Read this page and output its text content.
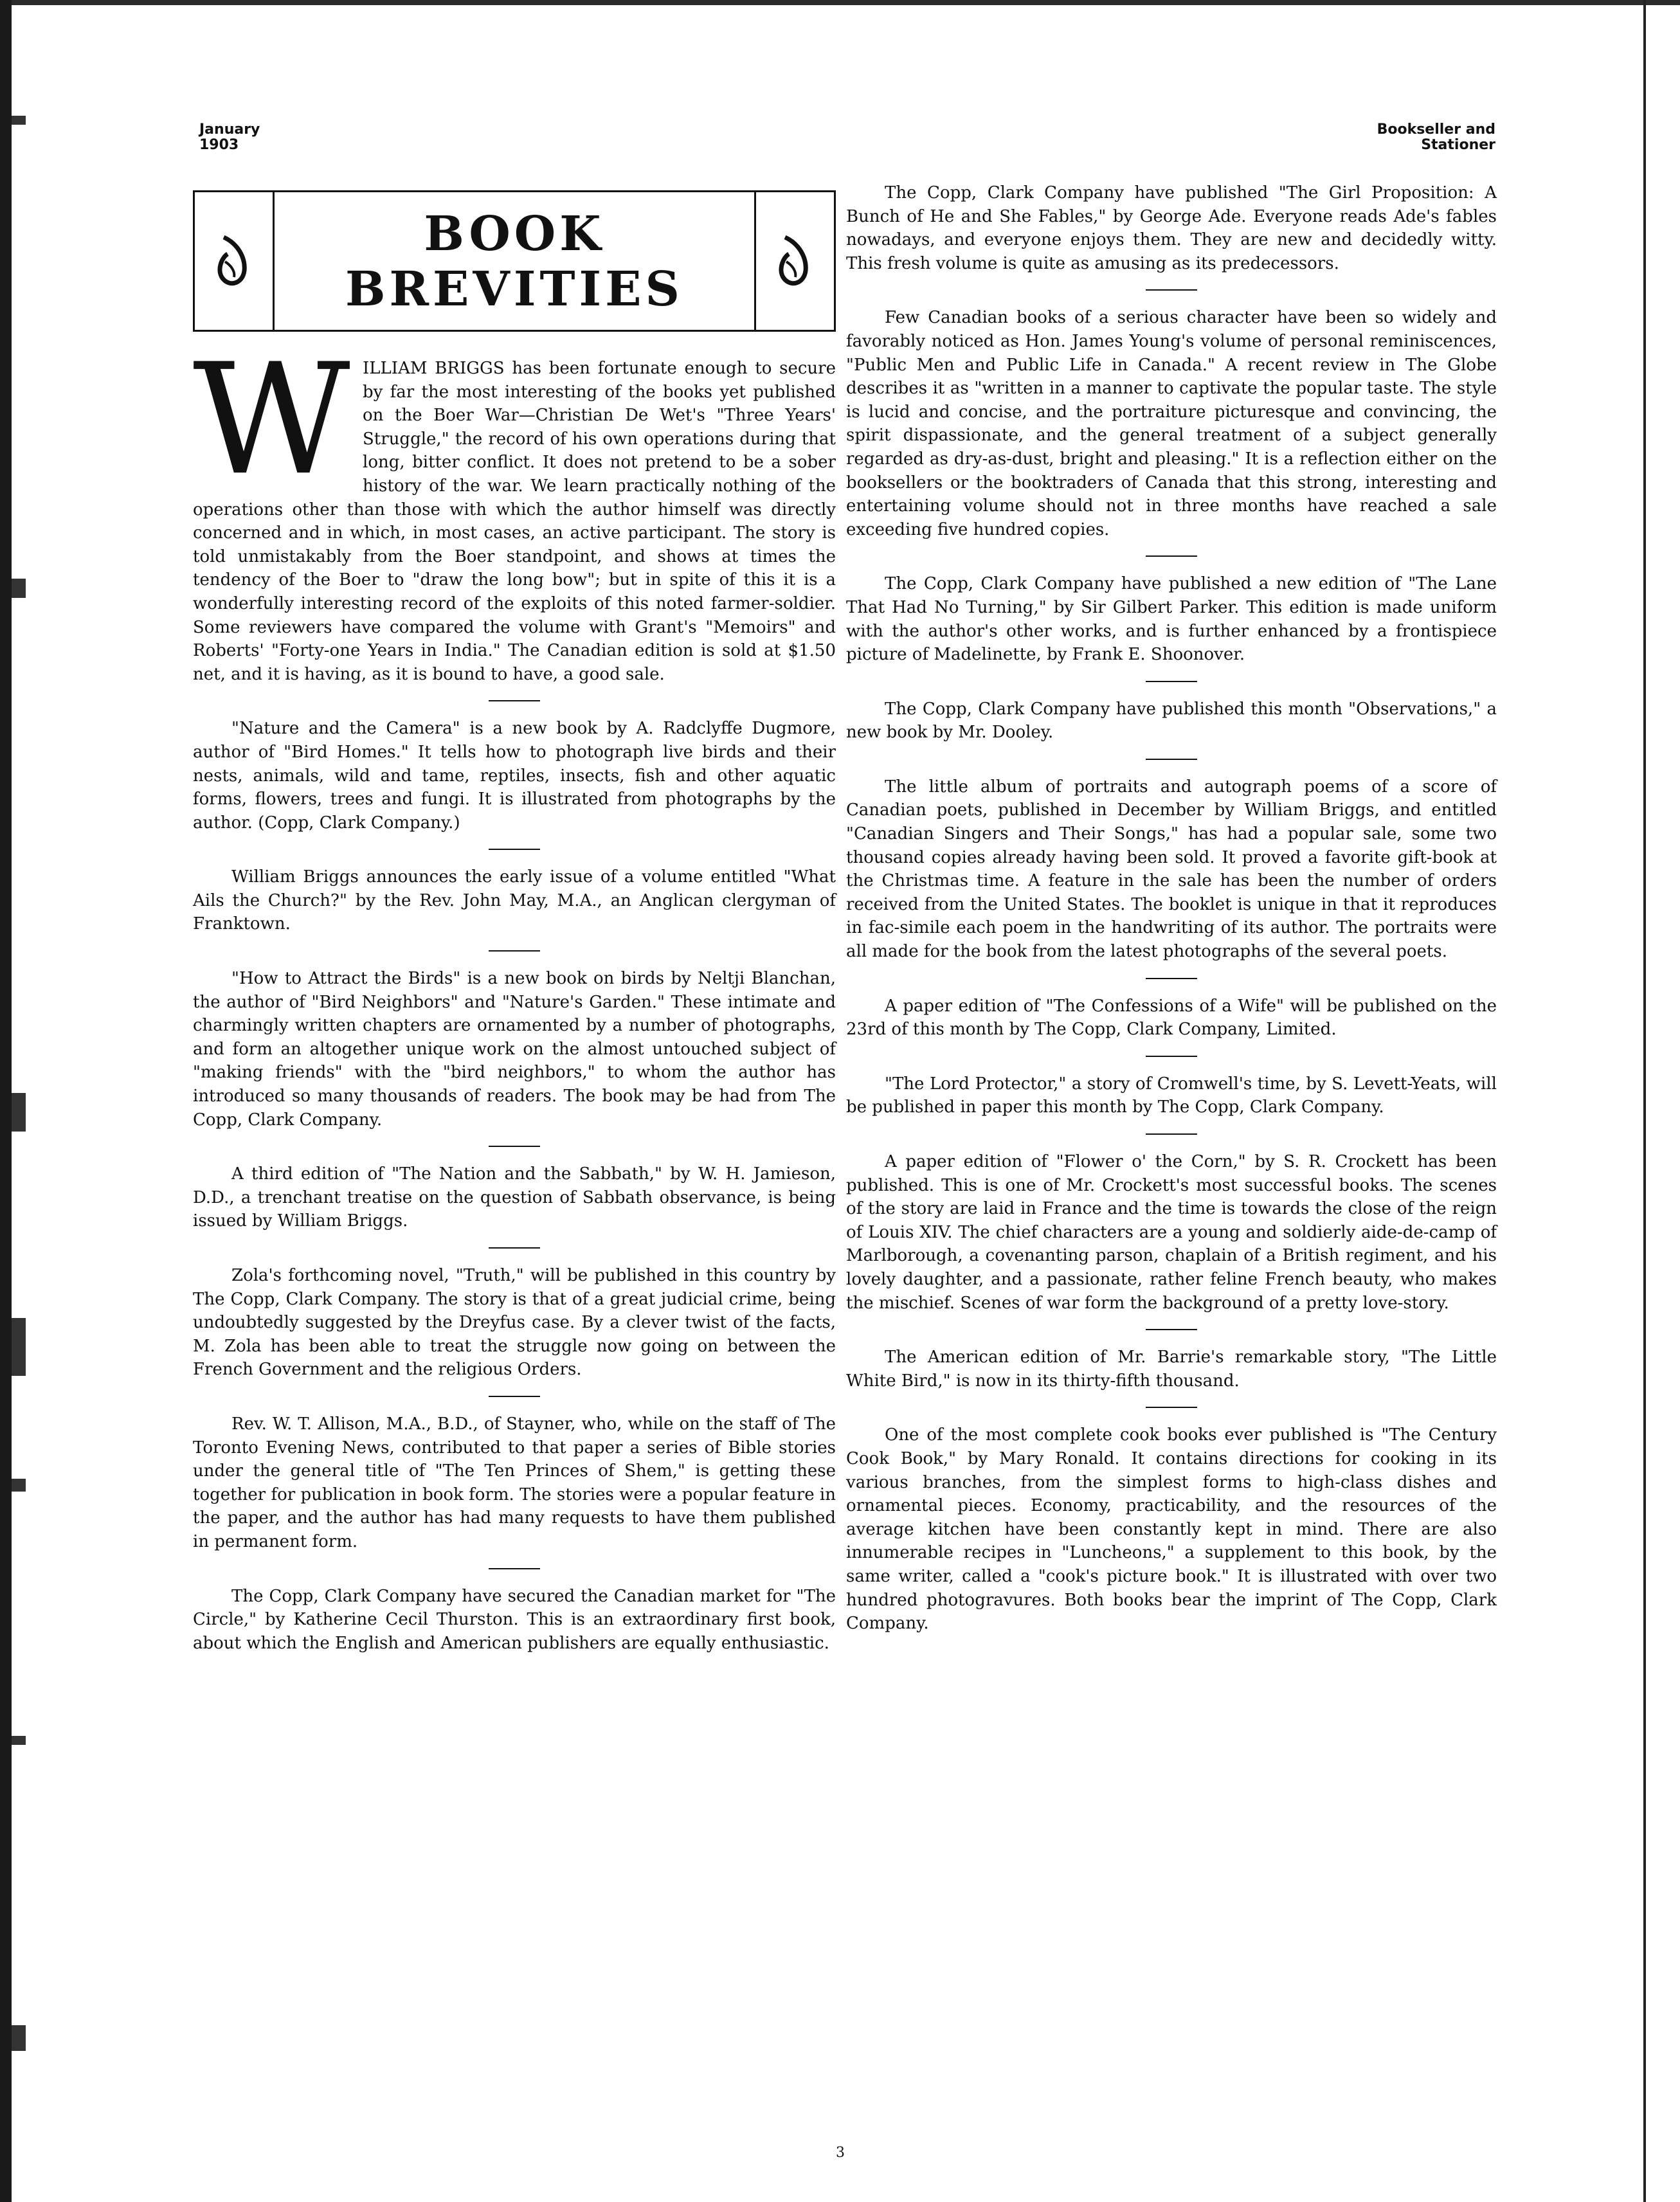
January
1903
Bookseller and
Stationer
BOOK
BREVITIES

WILLIAM BRIGGS has been fortunate enough to secure by far the most interesting of the books yet published on the Boer War—Christian De Wet's "Three Years' Struggle," the record of his own operations during that long, bitter conflict. It does not pretend to be a sober history of the war. We learn practically nothing of the operations other than those with which the author himself was directly concerned and in which, in most cases, an active participant. The story is told unmistakably from the Boer standpoint, and shows at times the tendency of the Boer to "draw the long bow"; but in spite of this it is a wonderfully interesting record of the exploits of this noted farmer-soldier. Some reviewers have compared the volume with Grant's "Memoirs" and Roberts' "Forty-one Years in India." The Canadian edition is sold at $1.50 net, and it is having, as it is bound to have, a good sale.

"Nature and the Camera" is a new book by A. Radclyffe Dugmore, author of "Bird Homes." It tells how to photograph live birds and their nests, animals, wild and tame, reptiles, insects, fish and other aquatic forms, flowers, trees and fungi. It is illustrated from photographs by the author. (Copp, Clark Company.)

William Briggs announces the early issue of a volume entitled "What Ails the Church?" by the Rev. John May, M.A., an Anglican clergyman of Franktown.

"How to Attract the Birds" is a new book on birds by Neltji Blanchan, the author of "Bird Neighbors" and "Nature's Garden." These intimate and charmingly written chapters are ornamented by a number of photographs, and form an altogether unique work on the almost untouched subject of "making friends" with the "bird neighbors," to whom the author has introduced so many thousands of readers. The book may be had from The Copp, Clark Company.

A third edition of "The Nation and the Sabbath," by W. H. Jamieson, D.D., a trenchant treatise on the question of Sabbath observance, is being issued by William Briggs.

Zola's forthcoming novel, "Truth," will be published in this country by The Copp, Clark Company. The story is that of a great judicial crime, being undoubtedly suggested by the Dreyfus case. By a clever twist of the facts, M. Zola has been able to treat the struggle now going on between the French Government and the religious Orders.

Rev. W. T. Allison, M.A., B.D., of Stayner, who, while on the staff of The Toronto Evening News, contributed to that paper a series of Bible stories under the general title of "The Ten Princes of Shem," is getting these together for publication in book form. The stories were a popular feature in the paper, and the author has had many requests to have them published in permanent form.

The Copp, Clark Company have secured the Canadian market for "The Circle," by Katherine Cecil Thurston. This is an extraordinary first book, about which the English and American publishers are equally enthusiastic.

The Copp, Clark Company have published "The Girl Proposition: A Bunch of He and She Fables," by George Ade. Everyone reads Ade's fables nowadays, and everyone enjoys them. They are new and decidedly witty. This fresh volume is quite as amusing as its predecessors.

Few Canadian books of a serious character have been so widely and favorably noticed as Hon. James Young's volume of personal reminiscences, "Public Men and Public Life in Canada." A recent review in The Globe describes it as "written in a manner to captivate the popular taste. The style is lucid and concise, and the portraiture picturesque and convincing, the spirit dispassionate, and the general treatment of a subject generally regarded as dry-as-dust, bright and pleasing." It is a reflection either on the booksellers or the booktraders of Canada that this strong, interesting and entertaining volume should not in three months have reached a sale exceeding five hundred copies.

The Copp, Clark Company have published a new edition of "The Lane That Had No Turning," by Sir Gilbert Parker. This edition is made uniform with the author's other works, and is further enhanced by a frontispiece picture of Madelinette, by Frank E. Shoonover.

The Copp, Clark Company have published this month "Observations," a new book by Mr. Dooley.

The little album of portraits and autograph poems of a score of Canadian poets, published in December by William Briggs, and entitled "Canadian Singers and Their Songs," has had a popular sale, some two thousand copies already having been sold. It proved a favorite gift-book at the Christmas time. A feature in the sale has been the number of orders received from the United States. The booklet is unique in that it reproduces in fac-simile each poem in the handwriting of its author. The portraits were all made for the book from the latest photographs of the several poets.

A paper edition of "The Confessions of a Wife" will be published on the 23rd of this month by The Copp, Clark Company, Limited.

"The Lord Protector," a story of Cromwell's time, by S. Levett-Yeats, will be published in paper this month by The Copp, Clark Company.

A paper edition of "Flower o' the Corn," by S. R. Crockett has been published. This is one of Mr. Crockett's most successful books. The scenes of the story are laid in France and the time is towards the close of the reign of Louis XIV. The chief characters are a young and soldierly aide-de-camp of Marlborough, a covenanting parson, chaplain of a British regiment, and his lovely daughter, and a passionate, rather feline French beauty, who makes the mischief. Scenes of war form the background of a pretty love-story.

The American edition of Mr. Barrie's remarkable story, "The Little White Bird," is now in its thirty-fifth thousand.

One of the most complete cook books ever published is "The Century Cook Book," by Mary Ronald. It contains directions for cooking in its various branches, from the simplest forms to high-class dishes and ornamental pieces. Economy, practicability, and the resources of the average kitchen have been constantly kept in mind. There are also innumerable recipes in "Luncheons," a supplement to this book, by the same writer, called a "cook's picture book." It is illustrated with over two hundred photogravures. Both books bear the imprint of The Copp, Clark Company.

3
